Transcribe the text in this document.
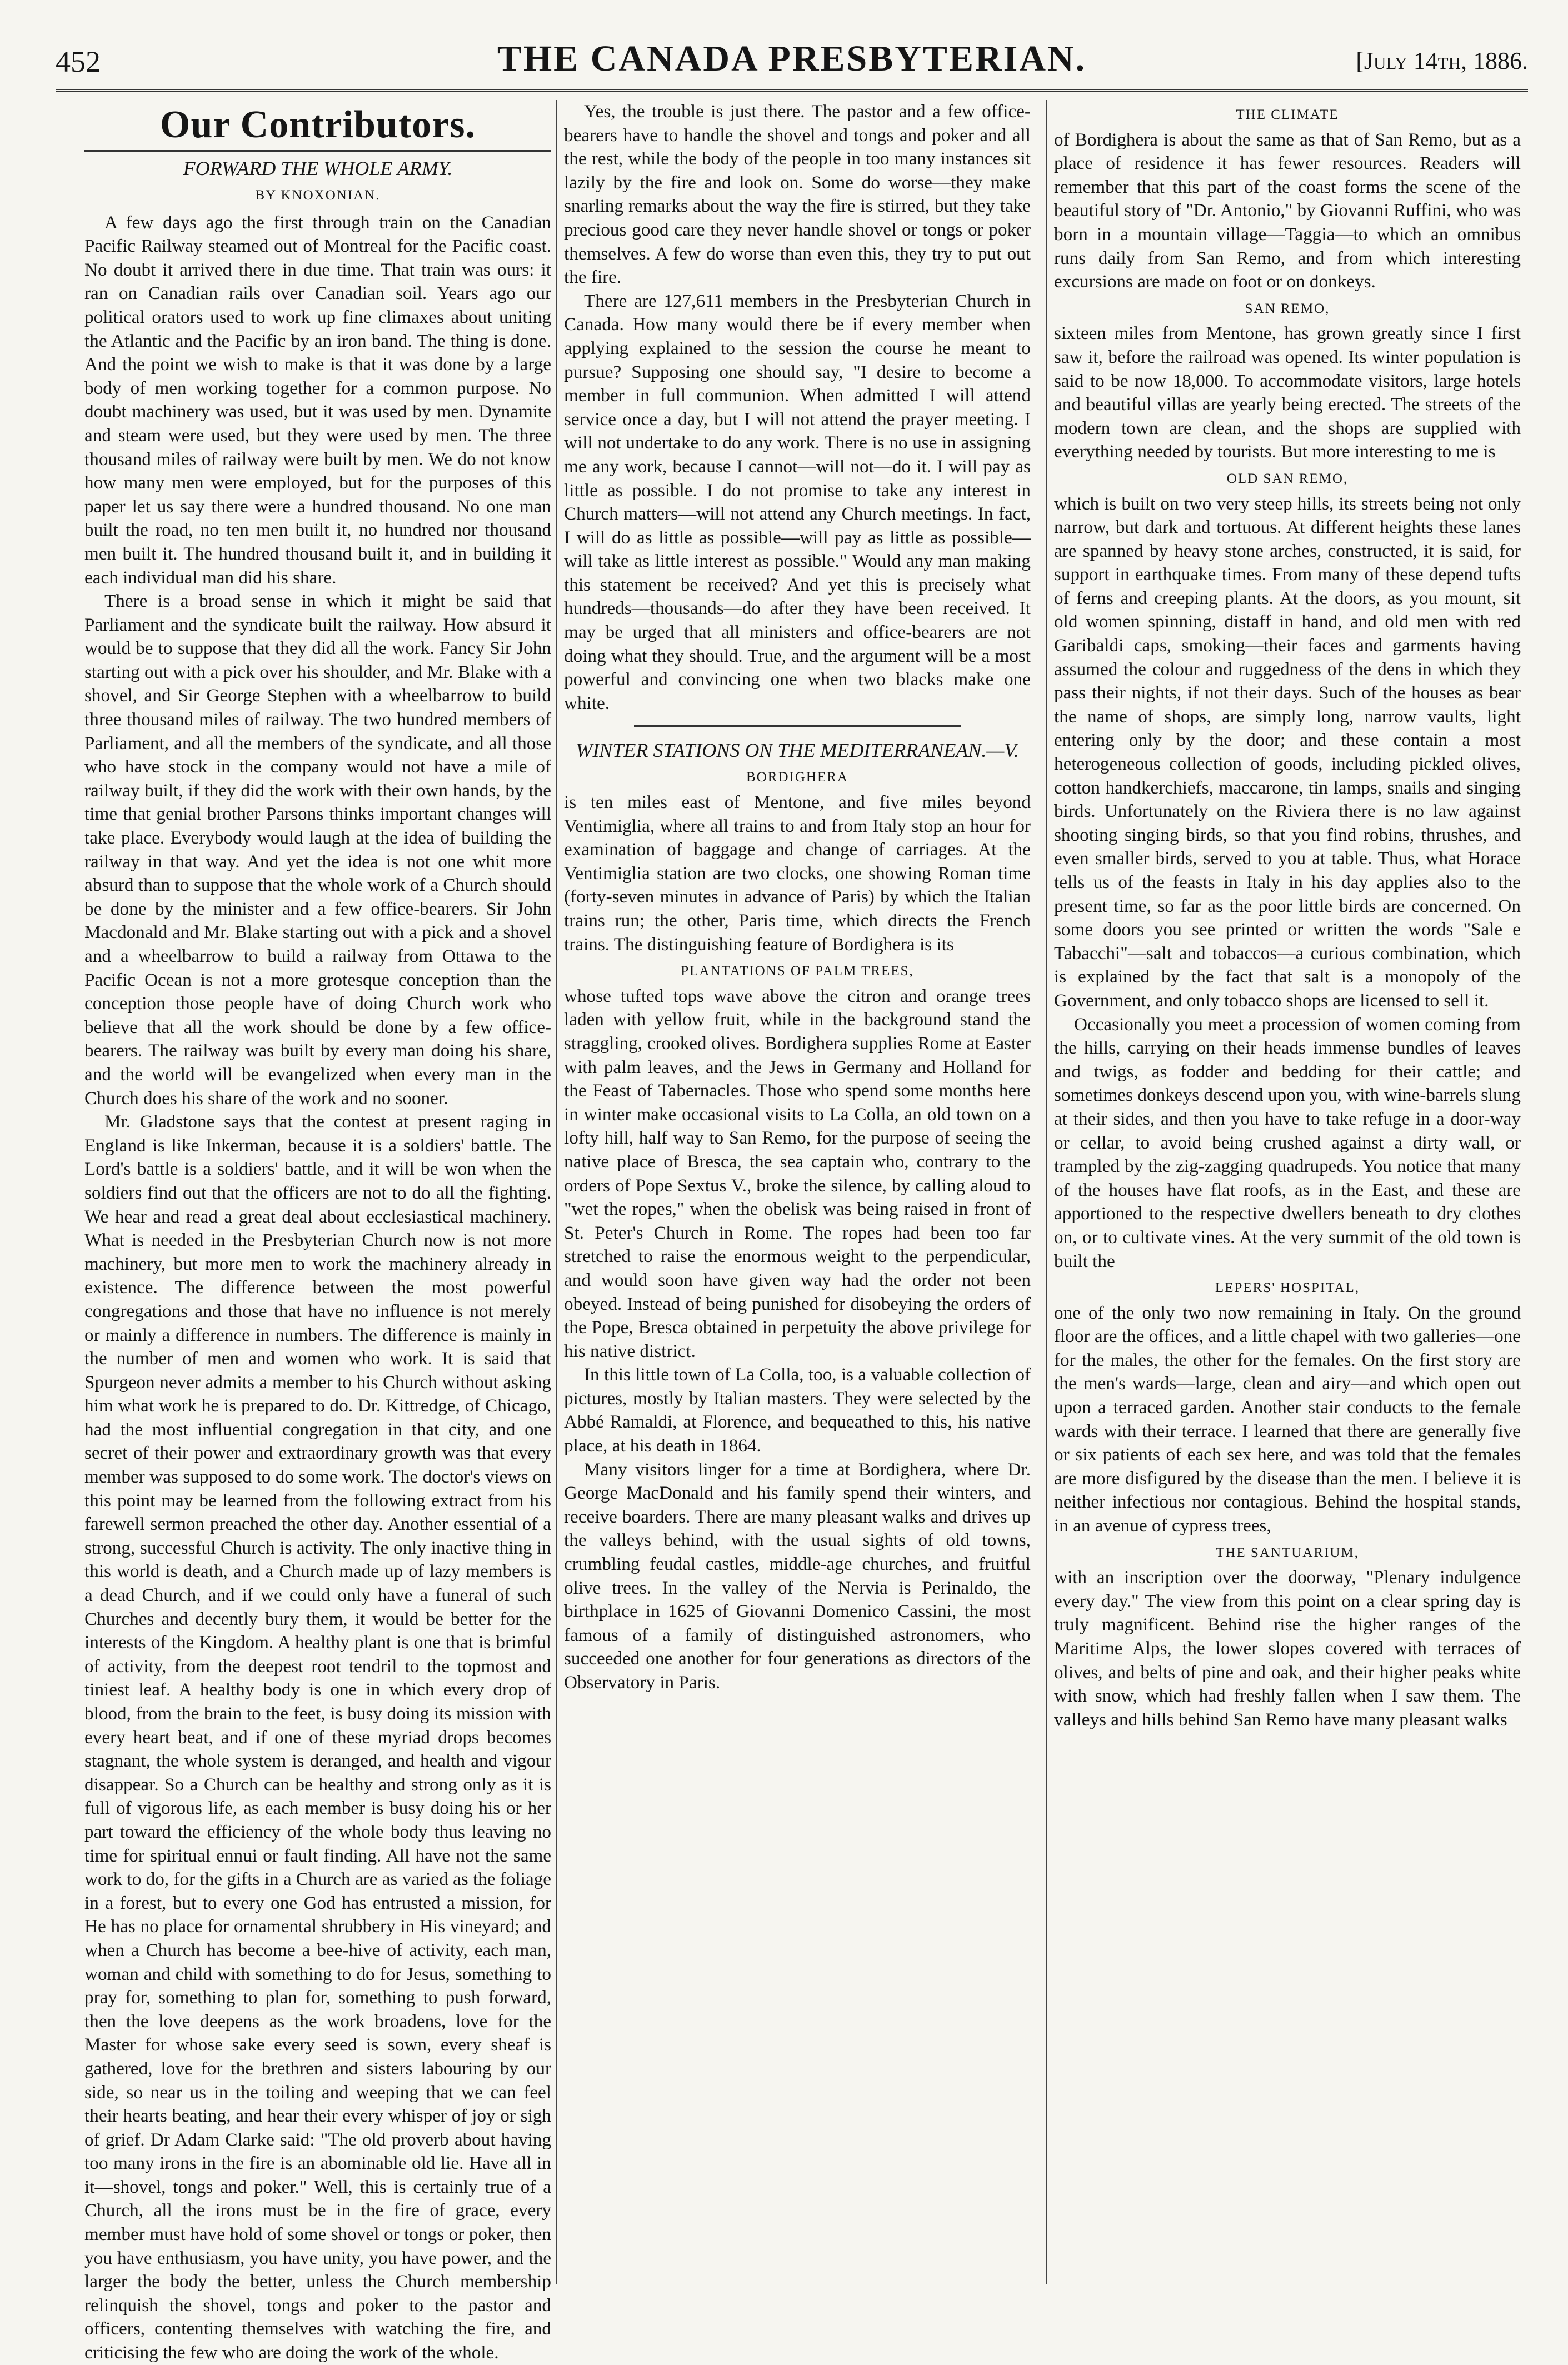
452	THE CANADA PRESBYTERIAN.	[July 14th, 1886.
Our Contributors.
FORWARD THE WHOLE ARMY.
BY KNOXONIAN.

A few days ago the first through train on the Canadian Pacific Railway steamed out of Montreal for the Pacific coast. No doubt it arrived there in due time. That train was ours: it ran on Canadian rails over Canadian soil. Years ago our political orators used to work up fine climaxes about uniting the Atlantic and the Pacific by an iron band. The thing is done. And the point we wish to make is that it was done by a large body of men working together for a common purpose. No doubt machinery was used, but it was used by men. Dynamite and steam were used, but they were used by men. The three thousand miles of railway were built by men. We do not know how many men were employed, but for the purposes of this paper let us say there were a hundred thousand. No one man built the road, no ten men built it, no hundred nor thousand men built it. The hundred thousand built it, and in building it each individual man did his share.

There is a broad sense in which it might be said that Parliament and the syndicate built the railway. How absurd it would be to suppose that they did all the work. Fancy Sir John starting out with a pick over his shoulder, and Mr. Blake with a shovel, and Sir George Stephen with a wheelbarrow to build three thousand miles of railway. The two hundred members of Parliament, and all the members of the syndicate, and all those who have stock in the company would not have a mile of railway built, if they did the work with their own hands, by the time that genial brother Parsons thinks important changes will take place. Everybody would laugh at the idea of building the railway in that way. And yet the idea is not one whit more absurd than to suppose that the whole work of a Church should be done by the minister and a few office-bearers. Sir John Macdonald and Mr. Blake starting out with a pick and a shovel and a wheelbarrow to build a railway from Ottawa to the Pacific Ocean is not a more grotesque conception than the conception those people have of doing Church work who believe that all the work should be done by a few office-bearers. The railway was built by every man doing his share, and the world will be evangelized when every man in the Church does his share of the work and no sooner.

Mr. Gladstone says that the contest at present raging in England is like Inkerman, because it is a soldiers' battle. The Lord's battle is a soldiers' battle, and it will be won when the soldiers find out that the officers are not to do all the fighting. We hear and read a great deal about ecclesiastical machinery. What is needed in the Presbyterian Church now is not more machinery, but more men to work the machinery already in existence. The difference between the most powerful congregations and those that have no influence is not merely or mainly a difference in numbers. The difference is mainly in the number of men and women who work. It is said that Spurgeon never admits a member to his Church without asking him what work he is prepared to do. Dr. Kittredge, of Chicago, had the most influential congregation in that city, and one secret of their power and extraordinary growth was that every member was supposed to do some work. The doctor's views on this point may be learned from the following extract from his farewell sermon preached the other day. Another essential of a strong, successful Church is activity. The only inactive thing in this world is death, and a Church made up of lazy members is a dead Church, and if we could only have a funeral of such Churches and decently bury them, it would be better for the interests of the Kingdom. A healthy plant is one that is brimful of activity, from the deepest root tendril to the topmost and tiniest leaf. A healthy body is one in which every drop of blood, from the brain to the feet, is busy doing its mission with every heart beat, and if one of these myriad drops becomes stagnant, the whole system is deranged, and health and vigour disappear. So a Church can be healthy and strong only as it is full of vigorous life, as each member is busy doing his or her part toward the efficiency of the whole body thus leaving no time for spiritual ennui or fault finding. All have not the same work to do, for the gifts in a Church are as varied as the foliage in a forest, but to every one God has entrusted a mission, for He has no place for ornamental shrubbery in His vineyard; and when a Church has become a bee-hive of activity, each man, woman and child with something to do for Jesus, something to pray for, something to plan for, something to push forward, then the love deepens as the work broadens, love for the Master for whose sake every seed is sown, every sheaf is gathered, love for the brethren and sisters labouring by our side, so near us in the toiling and weeping that we can feel their hearts beating, and hear their every whisper of joy or sigh of grief. Dr Adam Clarke said: "The old proverb about having too many irons in the fire is an abominable old lie. Have all in it—shovel, tongs and poker." Well, this is certainly true of a Church, all the irons must be in the fire of grace, every member must have hold of some shovel or tongs or poker, then you have enthusiasm, you have unity, you have power, and the larger the body the better, unless the Church membership relinquish the shovel, tongs and poker to the pastor and officers, contenting themselves with watching the fire, and criticising the few who are doing the work of the whole.

Yes, the trouble is just there. The pastor and a few office-bearers have to handle the shovel and tongs and poker and all the rest, while the body of the people in too many instances sit lazily by the fire and look on. Some do worse—they make snarling remarks about the way the fire is stirred, but they take precious good care they never handle shovel or tongs or poker themselves. A few do worse than even this, they try to put out the fire.

There are 127,611 members in the Presbyterian Church in Canada. How many would there be if every member when applying explained to the session the course he meant to pursue? Supposing one should say, "I desire to become a member in full communion. When admitted I will attend service once a day, but I will not attend the prayer meeting. I will not undertake to do any work. There is no use in assigning me any work, because I cannot—will not—do it. I will pay as little as possible. I do not promise to take any interest in Church matters—will not attend any Church meetings. In fact, I will do as little as possible—will pay as little as possible—will take as little interest as possible." Would any man making this statement be received? And yet this is precisely what hundreds—thousands—do after they have been received. It may be urged that all ministers and office-bearers are not doing what they should. True, and the argument will be a most powerful and convincing one when two blacks make one white.

WINTER STATIONS ON THE MEDITERRANEAN.—V.
BORDIGHERA

is ten miles east of Mentone, and five miles beyond Ventimiglia, where all trains to and from Italy stop an hour for examination of baggage and change of carriages. At the Ventimiglia station are two clocks, one showing Roman time (forty-seven minutes in advance of Paris) by which the Italian trains run; the other, Paris time, which directs the French trains. The distinguishing feature of Bordighera is its

PLANTATIONS OF PALM TREES,

whose tufted tops wave above the citron and orange trees laden with yellow fruit, while in the background stand the straggling, crooked olives. Bordighera supplies Rome at Easter with palm leaves, and the Jews in Germany and Holland for the Feast of Tabernacles. Those who spend some months here in winter make occasional visits to La Colla, an old town on a lofty hill, half way to San Remo, for the purpose of seeing the native place of Bresca, the sea captain who, contrary to the orders of Pope Sextus V., broke the silence, by calling aloud to "wet the ropes," when the obelisk was being raised in front of St. Peter's Church in Rome. The ropes had been too far stretched to raise the enormous weight to the perpendicular, and would soon have given way had the order not been obeyed. Instead of being punished for disobeying the orders of the Pope, Bresca obtained in perpetuity the above privilege for his native district.

In this little town of La Colla, too, is a valuable collection of pictures, mostly by Italian masters. They were selected by the Abbé Ramaldi, at Florence, and bequeathed to this, his native place, at his death in 1864.

Many visitors linger for a time at Bordighera, where Dr. George MacDonald and his family spend their winters, and receive boarders. There are many pleasant walks and drives up the valleys behind, with the usual sights of old towns, crumbling feudal castles, middle-age churches, and fruitful olive trees. In the valley of the Nervia is Perinaldo, the birthplace in 1625 of Giovanni Domenico Cassini, the most famous of a family of distinguished astronomers, who succeeded one another for four generations as directors of the Observatory in Paris.

THE CLIMATE

of Bordighera is about the same as that of San Remo, but as a place of residence it has fewer resources. Readers will remember that this part of the coast forms the scene of the beautiful story of "Dr. Antonio," by Giovanni Ruffini, who was born in a mountain village—Taggia—to which an omnibus runs daily from San Remo, and from which interesting excursions are made on foot or on donkeys.

SAN REMO,

sixteen miles from Mentone, has grown greatly since I first saw it, before the railroad was opened. Its winter population is said to be now 18,000. To accommodate visitors, large hotels and beautiful villas are yearly being erected. The streets of the modern town are clean, and the shops are supplied with everything needed by tourists. But more interesting to me is

OLD SAN REMO,

which is built on two very steep hills, its streets being not only narrow, but dark and tortuous. At different heights these lanes are spanned by heavy stone arches, constructed, it is said, for support in earthquake times. From many of these depend tufts of ferns and creeping plants. At the doors, as you mount, sit old women spinning, distaff in hand, and old men with red Garibaldi caps, smoking—their faces and garments having assumed the colour and ruggedness of the dens in which they pass their nights, if not their days. Such of the houses as bear the name of shops, are simply long, narrow vaults, light entering only by the door; and these contain a most heterogeneous collection of goods, including pickled olives, cotton handkerchiefs, maccarone, tin lamps, snails and singing birds. Unfortunately on the Riviera there is no law against shooting singing birds, so that you find robins, thrushes, and even smaller birds, served to you at table. Thus, what Horace tells us of the feasts in Italy in his day applies also to the present time, so far as the poor little birds are concerned. On some doors you see printed or written the words "Sale e Tabacchi"—salt and tobaccos—a curious combination, which is explained by the fact that salt is a monopoly of the Government, and only tobacco shops are licensed to sell it.

Occasionally you meet a procession of women coming from the hills, carrying on their heads immense bundles of leaves and twigs, as fodder and bedding for their cattle; and sometimes donkeys descend upon you, with wine-barrels slung at their sides, and then you have to take refuge in a door-way or cellar, to avoid being crushed against a dirty wall, or trampled by the zig-zagging quadrupeds. You notice that many of the houses have flat roofs, as in the East, and these are apportioned to the respective dwellers beneath to dry clothes on, or to cultivate vines. At the very summit of the old town is built the

LEPERS' HOSPITAL,

one of the only two now remaining in Italy. On the ground floor are the offices, and a little chapel with two galleries—one for the males, the other for the females. On the first story are the men's wards—large, clean and airy—and which open out upon a terraced garden. Another stair conducts to the female wards with their terrace. I learned that there are generally five or six patients of each sex here, and was told that the females are more disfigured by the disease than the men. I believe it is neither infectious nor contagious. Behind the hospital stands, in an avenue of cypress trees,

THE SANTUARIUM,

with an inscription over the doorway, "Plenary indulgence every day." The view from this point on a clear spring day is truly magnificent. Behind rise the higher ranges of the Maritime Alps, the lower slopes covered with terraces of olives, and belts of pine and oak, and their higher peaks white with snow, which had freshly fallen when I saw them. The valleys and hills behind San Remo have many pleasant walks
